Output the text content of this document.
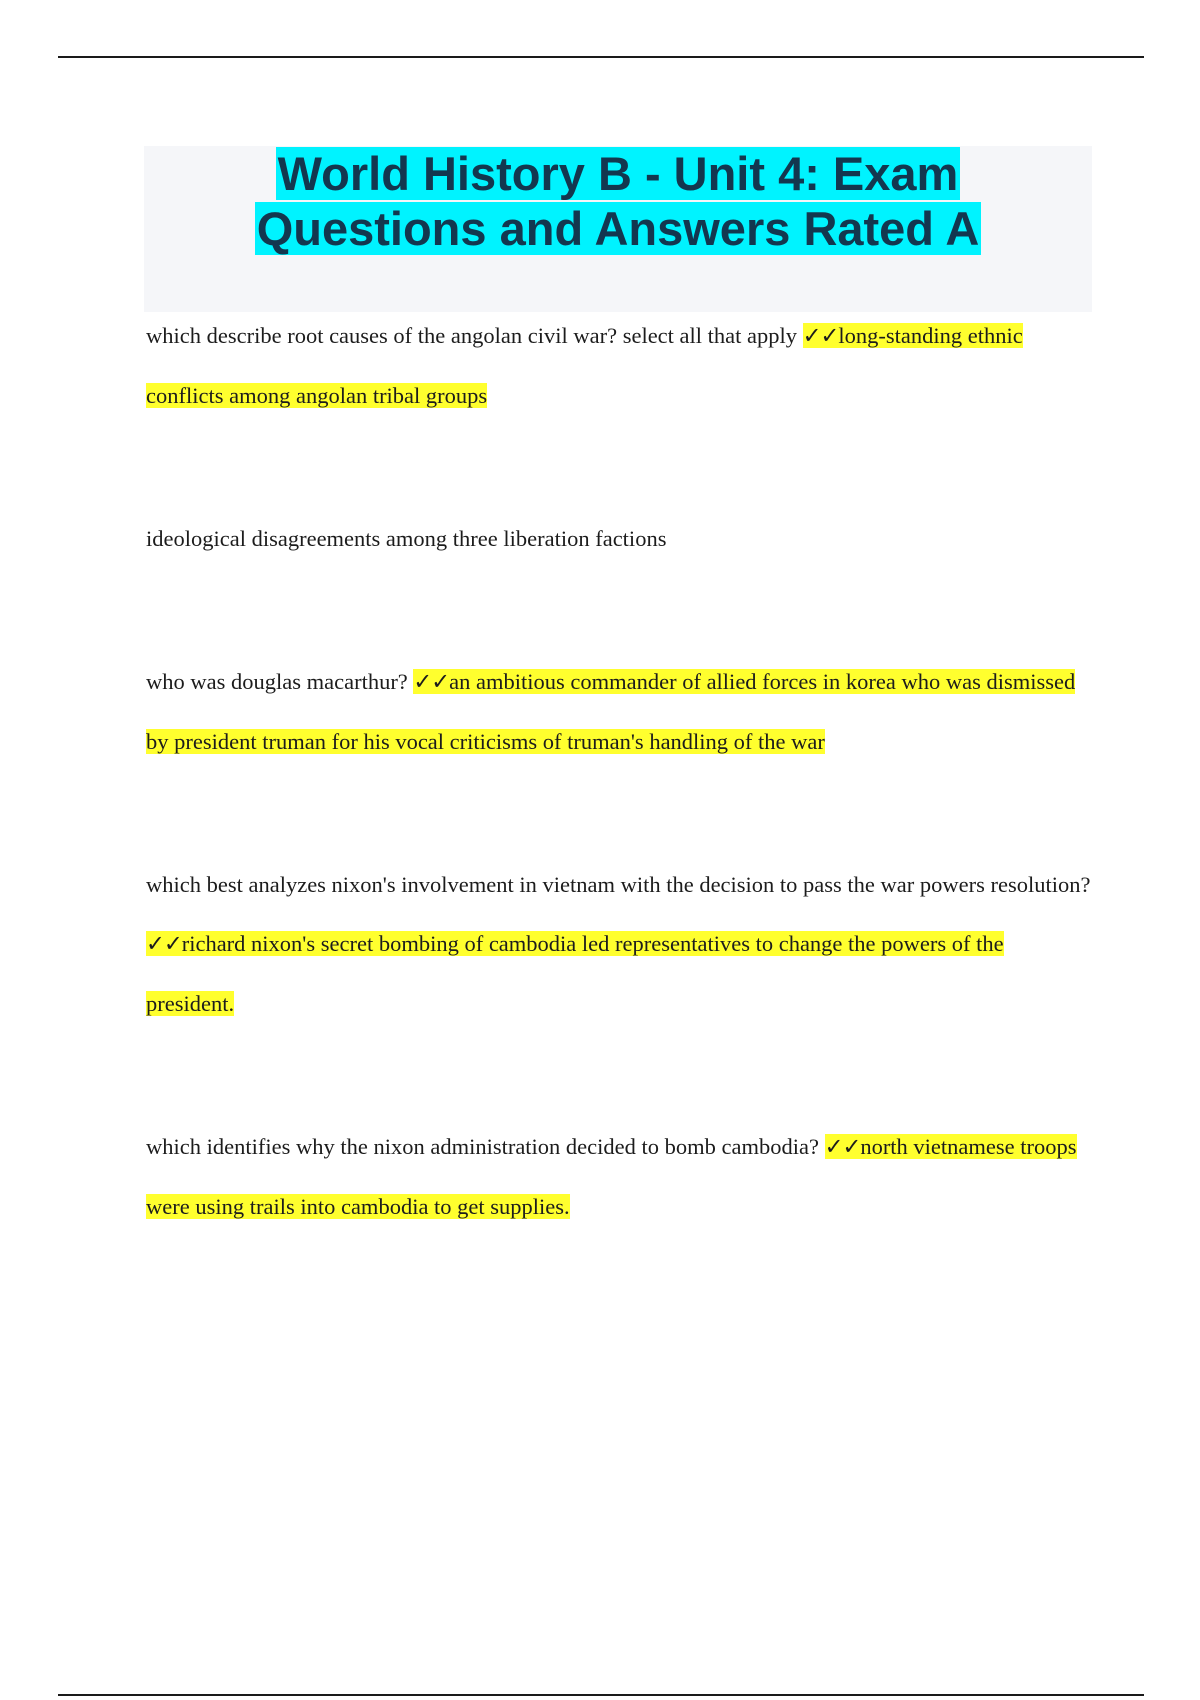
World History B - Unit 4: Exam
Questions and Answers Rated A

which describe root causes of the angolan civil war? select all that apply ✓✓long-standing ethnic conflicts among angolan tribal groups

ideological disagreements among three liberation factions

who was douglas macarthur? ✓✓an ambitious commander of allied forces in korea who was dismissed by president truman for his vocal criticisms of truman's handling of the war

which best analyzes nixon's involvement in vietnam with the decision to pass the war powers resolution? ✓✓richard nixon's secret bombing of cambodia led representatives to change the powers of the president.

which identifies why the nixon administration decided to bomb cambodia? ✓✓north vietnamese troops were using trails into cambodia to get supplies.
